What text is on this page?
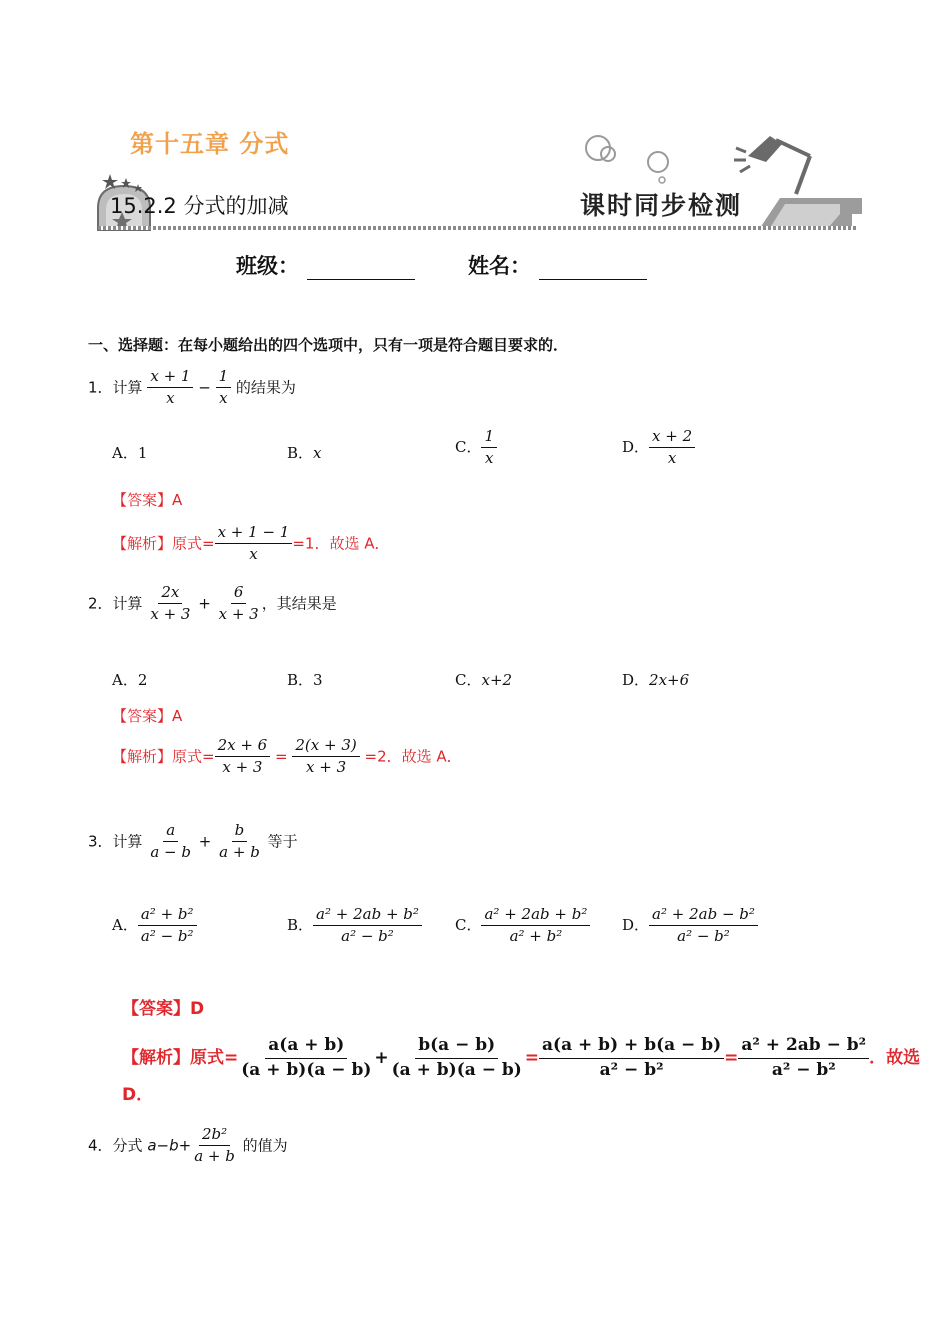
第十五章 分式
15.2.2 分式的加减	课时同步检测
班级：	姓名：
一、选择题：在每小题给出的四个选项中，只有一项是符合题目要求的．
1．计算 $\frac{x + 1}{x} - \frac{1}{x}$ 的结果为
A．1	B．x	C． $\frac{1}{x}$	D． $\frac{x + 2}{x}$
【答案】A
【解析】原式= $\frac{x + 1 - 1}{x} =1$．故选 A．
2．计算 $\frac{2x}{x + 3} + \frac{6}{x + 3}$ ，其结果是
A．2	B．3	C．x+2	D．2x+6
【答案】A
【解析】原式= $\frac{2x + 6}{x + 3} = \frac{2(x + 3)}{x + 3} =2$．故选 A．
3．计算 $\frac{a}{a - b} + \frac{b}{a + b}$ 等于
A． $\frac{\text{a² + b²}}{\text{a² − b²}}$	B． $\frac{\text{a² + 2ab + b²}}{\text{a² − b²}}$ C． $\frac{\text{a² + 2ab + b²}}{\text{a² + b²}}$ D． $\frac{\text{a² + 2ab − b²}}{\text{a² − b²}}$
【答案】D
【解析】原式= $\frac{a(a + b)}{(a + b)(a - b)} + \frac{b(a - b)}{(a + b)(a - b)} = \frac{a(a + b) + b(a - b)}{\text{a² − b²}} = \frac{\text{a² + 2ab − b²}}{\text{a² − b²}}$ ．故选 D．
4．分式 $a-b+ \frac{\text{2b²}}{a + b}$ 的值为
